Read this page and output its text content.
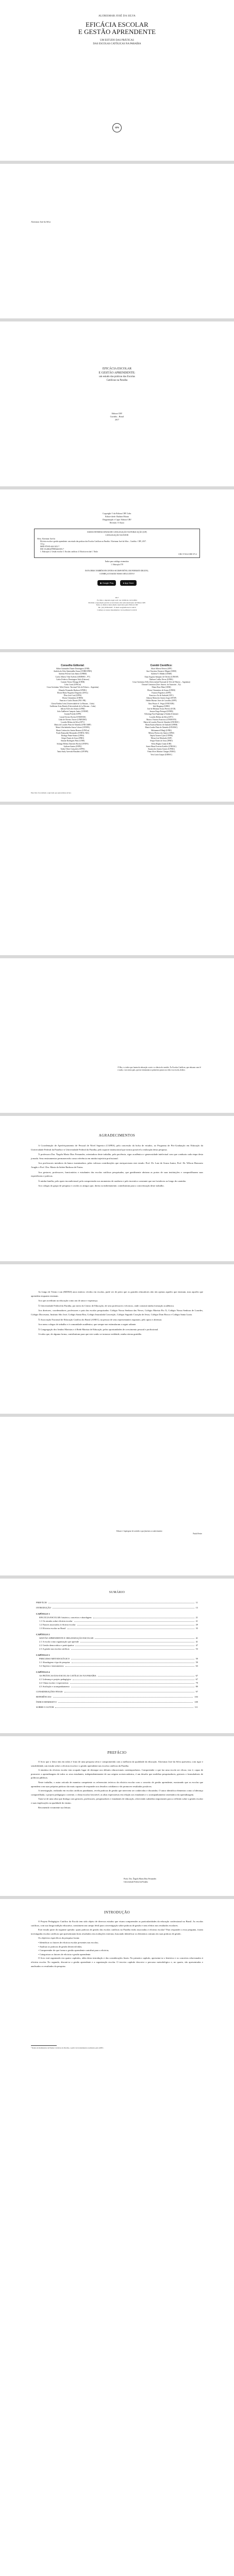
ALORISMAR JOSÉ DA SILVA

EFICÁCIA ESCOLAR

E GESTÃO APRENDENTE

UM ESTUDO DAS PRÁTICAS

DAS ESCOLAS CATÓLICAS NA PARAÍBA

crv

Alorismar José da Silva

EFICÁCIA ESCOLAR

E GESTÃO APRENDENTE:

um estudo das práticas das Escolas

Católicas na Paraíba

Editora CRV

Curitiba – Brasil

2017

Copyright © da Editora CRV Ltda.

Editor-chefe: Railson Moura

Diagramação e Capa: Editora CRV

Revisão: O Autor

DADOS INTERNACIONAIS DE CATALOGAÇÃO NA PUBLICAÇÃO (CIP)

CATALOGAÇÃO NA FONTE

Silva, Alorismar José da

Eficácia escolar e gestão aprendente: um estudo das práticas das Escolas Católicas na Paraíba / Alorismar José da Silva – Curitiba : CRV, 2017.

112 p.

ISBN 978-85-444-1651-7

DOI 10.24824/978854441651.7

1. Educação 2. Gestão escolar 3. Escolas católicas 4. Eficácia escolar I. Título

CDU 37.014 CDD 371.2

Índice para catálogo sistemático

1. Educação 370

ESTA OBRA TAMBÉM ENCONTRA-SE DISPONÍVEL EM FORMATO DIGITAL.

CONHEÇA E BAIXE NOSSO APLICATIVO!

▶ Google Play	● App Store

2017

Foi feito o depósito legal conf. Lei 10.994 de 14/12/2004

Proibida a reprodução parcial ou total desta obra sem autorização da Editora CRV

Todos os direitos desta edição reservados pela: Editora CRV

Tel.: (41) 3039-6418 – E-mail: sac@editoracrv.com.br

Conheça os nossos lançamentos: www.editoracrv.com.br

Conselho Editorial:

Aldira Guimarães Duarte Domínguez (UNB)

Andréia da Silva Quintanilha Sousa (UNIR/UFRN)

Antônio Pereira Gaio Júnior (UFRRJ)

Carlos Alberto Vilar Estêvão (UMINHO – PT)

Carlos Federico Dominguez Avila (Unieuro)

Carmen Tereza Velanga (UNIR)

Celso Conti (UFSCar)

Cesar Gerónimo Tello (Univer. Nacional Três de Febrero – Argentina)

Eduardo Fernandes Barbosa (UFMG)

Elione Maria Nogueira Diogenes (UFAL)

Élsio José Corá (UFFS)

Elizeu Clementino (UNEB)

Francisco Carlos Duarte (PUC-PR)

Gloria Fariñas León (Universidade de La Havana – Cuba)

Guillermo Arias Beatón (Universidade de La Havana – Cuba)

Jailson Alves dos Santos (UFRJ)

João Adalberto Campato Junior (UNESP)

Josania Portela (UFPI)

Leonel Severo Rocha (UNISINOS)

Lídia de Oliveira Xavier (UNIEURO)

Lourdes Helena da Silva (UFV)

Maria de Lourdes Pinto de Almeida (UNICAMP)

Maria Lília Imbiriba Sousa Colares (UFOPA)

Maria Cristina dos Santos Bezerra (UFSCar)

Paulo Romualdo Hernandes (UNIFAL-MG)

Rodrigo Pratte-Santos (UFES)

Sérgio Nunes de Jesus (IFRO)

Simone Rodrigues Pinto (UNB)

Solange Helena Ximenes-Rocha (UFOPA)

Sydione Santos (UEPG)

Tadeu Oliver Gonçalves (UFPA)

Tania Suely Azevedo Brasileiro (UFOPA)

Comitê Científico:

Altair Alberto Fávero (UPF)

Ana Chrystina Venancio Mignot (UERJ)

Andréia N. Militão (UEMS)

Anna Augusta Sampaio de Oliveira (UNESP)

Barbara Coelho Neves (UFBA)

Cesar Gerónimo Tello (Universidad Nacional de Três de Febrero – Argentina)

Diosnel Centurion (Univ Americ. de Asunción – Py)

Eliane Rose Maio (UEM)

Elizeu Clementino de Souza (UNEB)

Fauston Negreiros (UFPI)

Francisco Ari de Andrade (UFC)

Gláucia Maria dos Santos Jorge (UFOP)

Helder Buenos Aires de Carvalho (UFPI)

Ilma Passos A. Veiga (UNICEUB)

Inês Bragança (UERJ)

José de Ribamar Sousa Pereira (UCB)

Jussara Fraga Portugal (UNEB)

Kilwangy Kya Kapitango-a-Samba (Unemat)

Lourdes Helena da Silva (UFV)

Marcos Vinicius Francisco (UNOESTE)

Maria de Lourdes Pinto de Almeida (UNOESC)

Maria Eurácia Barreto de Andrade (UFRB)

Maria Lurdes Pinto de Almeida (UNOESC)

Mohammed Elhajji (UFRJ)

Mônica Pereira dos Santos (UFRJ)

Najela Tavares Ujiie (UTFPR)

Nilson José Machado (USP)

Sérgio Nunes de Jesus (IFRO)

Silvia Regina Canan (URI)

Sonia Maria Ferreira Koehler (UNISAL)

Suzana dos Santos Gomes (UFMG)

Vânia Alves Martins Chaigar (FURG)

Vera Lucia Gaspar (UDESC)

Este livro foi avaliado e aprovado por pareceristas ad hoc.

À Bia, e a todos que fazem da educação a arte e a ciência do sentido. Às Escolas Católicas, que educam com fé e razão, e aos meus pais, que me ensinaram os primeiros passos na vida e na escola, dedico.

AGRADECIMENTOS

A Coordenação de Aperfeiçoamento de Pessoal de Nível Superior (CAPES), pela concessão da bolsa de estudos, ao Programa de Pós-Graduação em Educação da Universidade Federal da Paraíba e à Universidade Federal da Paraíba, pelo suporte institucional que tornou possível a realização desta pesquisa.

À professora Dra. Ângela Maria Dias Fernandes, orientadora deste trabalho, pela paciência, rigor acadêmico e generosidade intelectual com que conduziu cada etapa desta jornada. Seus ensinamentos permanecerão como referência em minha trajetória profissional.

Aos professores membros da banca examinadora, pelas valiosas contribuições que enriqueceram este estudo: Prof. Dr. Luiz de Sousa Junior, Prof. Dr. Wilson Honorato Aragão e Prof. Dra. Maria da Salete Barboza de Farias.

Aos gestores, professores, funcionários e estudantes das escolas católicas pesquisadas, que gentilmente abriram as portas de suas instituições e compartilharam suas experiências e práticas.

À minha família, pelo apoio incondicional, pela compreensão nos momentos de ausência e pelo incentivo constante que me fortaleceu ao longo do caminho.

Aos colegas do grupo de pesquisa e a todos os amigos que, direta ou indiretamente, contribuíram para a concretização deste trabalho.

Ao longo de Trinta e um (MDXII) anos inteiros vividos em escolas, pude ver de perto que os grandes educadores não são apenas aqueles que ensinam, mas aqueles que aprendem enquanto ensinam.

Aos que acreditam na educação como ato de amor e esperança.

À Universidade Federal da Paraíba, por meio do Centro de Educação, de seus professores e técnicos, onde construí minha formação acadêmica.

Aos diretores, coordenadores, professores e pais das escolas pesquisadas: Colégio Nossa Senhora das Neves, Colégio Marista Pio X, Colégio Nossa Senhora de Lourdes, Colégio Diocesano, Instituto São José, Colégio Santa Rita, Colégio Imaculada Conceição, Colégio Sagrado Coração de Jesus, Colégio Dom Bosco e Colégio Santa Luzia.

À Associação Nacional de Educação Católica do Brasil (ANEC), na pessoa de seus representantes regionais, pelo apoio e abertura.

Aos meus colegas de trabalho e à comunidade acadêmica, que sempre me estimularam a seguir adiante.

À Congregação dos Irmãos Maristas e à Rede Marista de Educação, pelas oportunidades de crescimento pessoal e profissional.

A todos que, de alguma forma, contribuíram para que este sonho se tornasse realidade, minha eterna gratidão.

Educar é impregnar de sentido o que fazemos a cada instante.

Paulo Freire

SUMÁRIO

PREFÁCIO	11
INTRODUÇÃO	15
CAPÍTULO 1
EFICÁCIA ESCOLAR: histórico, conceitos e abordagens	21
1.1 Os estudos sobre eficácia escolar	21
1.2 Fatores associados à eficácia escolar	29
1.3 Eficácia escolar no Brasil	35
CAPÍTULO 2
GESTÃO APRENDENTE E ORGANIZAÇÃO ESCOLAR	41
2.1 A escola como organização que aprende	41
2.2 Gestão democrática e participativa	47
2.3 A gestão nas escolas católicas	53
CAPÍTULO 3
PERCURSO METODOLÓGICO	59
3.1 Abordagem e tipo de pesquisa	59
3.2 Sujeitos e instrumentos	63
CAPÍTULO 4
AS PRÁTICAS DAS ESCOLAS CATÓLICAS NA PARAÍBA	67
4.1 Liderança e projeto pedagógico	67
4.2 Clima escolar e expectativas	79
4.3 Avaliação e acompanhamento	89
CONSIDERAÇÕES FINAIS	97
REFERÊNCIAS	103
ÍNDICE REMISSIVO	109
SOBRE O AUTOR	111

PREFÁCIO

O livro que o leitor tem em mãos é fruto de uma pesquisa séria e comprometida com a melhoria da qualidade da educação. Alorismar José da Silva apresenta, com rigor e sensibilidade, um estudo sobre a eficácia escolar e a gestão aprendente nas escolas católicas da Paraíba.

A temática da eficácia escolar tem ocupado lugar de destaque nos debates educacionais contemporâneos. Compreender o que faz uma escola ser eficaz, isto é, capaz de promover a aprendizagem de todos os seus estudantes, independentemente de sua origem socioeconômica, é um desafio que mobiliza pesquisadores, gestores e formuladores de políticas públicas.

Neste trabalho, o autor articula de maneira competente os referenciais teóricos da eficácia escolar com o conceito de gestão aprendente, mostrando que as escolas que aprendem com suas próprias práticas são mais capazes de responder aos desafios cotidianos e de promover resultados positivos.

A investigação, realizada em escolas católicas paraibanas, revela práticas de gestão que merecem ser conhecidas e discutidas. O autor identifica elementos como a liderança compartilhada, o projeto pedagógico coerente, o clima escolar favorável, as altas expectativas em relação aos estudantes e o acompanhamento sistemático da aprendizagem.

Trata-se de uma obra que dialoga com gestores, professores, pesquisadores e estudantes de educação, oferecendo subsídios importantes para a reflexão sobre a gestão escolar e suas implicações na qualidade do ensino.

Recomendo vivamente sua leitura.

Profa. Dra. Ângela Maria Dias Fernandes

Universidade Federal da Paraíba

INTRODUÇÃO

O Projeto Pedagógico Católico da Escola tem sido objeto de diversos estudos que visam compreender as particularidades da educação confessional no Brasil. As escolas católicas, com sua longa tradição educativa, constituem um campo fértil para a investigação sobre práticas de gestão e seus efeitos nos resultados escolares.

Este estudo parte da seguinte questão: quais práticas de gestão das escolas católicas na Paraíba estão associadas à eficácia escolar? Para responder a essa pergunta, foram investigadas escolas católicas que apresentaram bons resultados em avaliações externas, buscando identificar os elementos comuns em suas práticas de gestão.

Os objetivos específicos da pesquisa foram:

• Identificar os fatores de eficácia escolar presentes nas escolas;

• Analisar as práticas de gestão desenvolvidas;

• Compreender de que forma a gestão aprendente contribui para a eficácia;

• Categorizar os fatores de eficácia e gestão aprendente.

O livro está organizado em quatro capítulos, além desta introdução e das considerações finais. No primeiro capítulo, apresenta-se o histórico e os conceitos relacionados à eficácia escolar. No segundo, discute-se a gestão aprendente e a organização escolar. O terceiro capítulo descreve o percurso metodológico e, no quarto, são apresentados e analisados os resultados da pesquisa.

¹ Dados de Instituições de Ensino Católicas da Paraíba, a partir de levantamentos realizados pela ANEC.
